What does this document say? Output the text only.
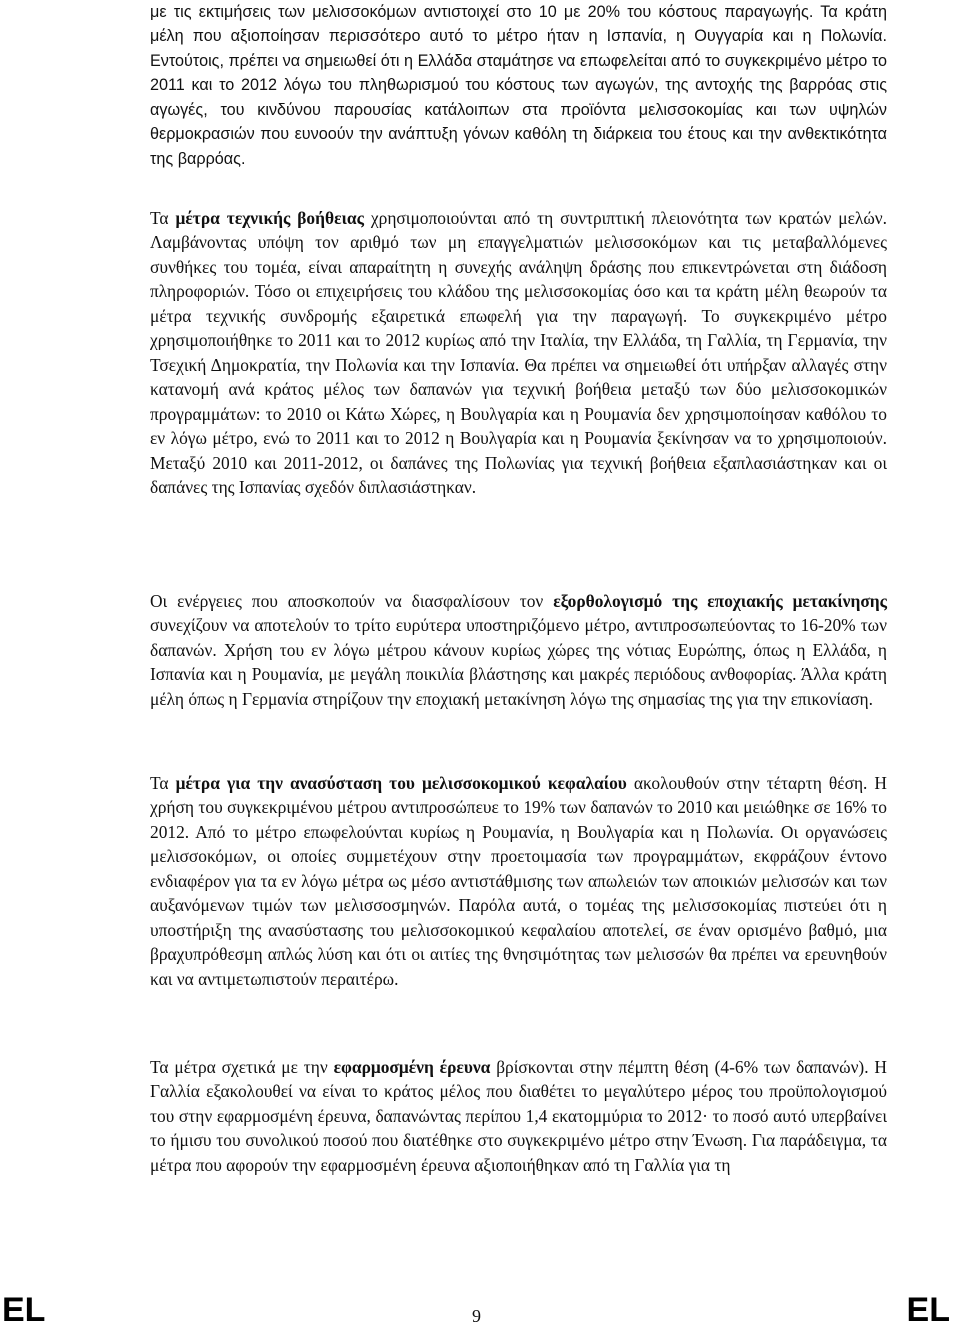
με τις εκτιμήσεις των μελισσοκόμων αντιστοιχεί στο 10 με 20% του κόστους παραγωγής. Τα κράτη μέλη που αξιοποίησαν περισσότερο αυτό το μέτρο ήταν η Ισπανία, η Ουγγαρία και η Πολωνία. Εντούτοις, πρέπει να σημειωθεί ότι η Ελλάδα σταμάτησε να επωφελείται από το συγκεκριμένο μέτρο το 2011 και το 2012 λόγω του πληθωρισμού του κόστους των αγωγών, της αντοχής της βαρρόας στις αγωγές, του κινδύνου παρουσίας κατάλοιπων στα προϊόντα μελισσοκομίας και των υψηλών θερμοκρασιών που ευνοούν την ανάπτυξη γόνων καθόλη τη διάρκεια του έτους και την ανθεκτικότητα της βαρρόας.

Τα μέτρα τεχνικής βοήθειας χρησιμοποιούνται από τη συντριπτική πλειονότητα των κρατών μελών. Λαμβάνοντας υπόψη τον αριθμό των μη επαγγελματιών μελισσοκόμων και τις μεταβαλλόμενες συνθήκες του τομέα, είναι απαραίτητη η συνεχής ανάληψη δράσης που επικεντρώνεται στη διάδοση πληροφοριών. Τόσο οι επιχειρήσεις του κλάδου της μελισσοκομίας όσο και τα κράτη μέλη θεωρούν τα μέτρα τεχνικής συνδρομής εξαιρετικά επωφελή για την παραγωγή. Το συγκεκριμένο μέτρο χρησιμοποιήθηκε το 2011 και το 2012 κυρίως από την Ιταλία, την Ελλάδα, τη Γαλλία, τη Γερμανία, την Τσεχική Δημοκρατία, την Πολωνία και την Ισπανία. Θα πρέπει να σημειωθεί ότι υπήρξαν αλλαγές στην κατανομή ανά κράτος μέλος των δαπανών για τεχνική βοήθεια μεταξύ των δύο μελισσοκομικών προγραμμάτων: το 2010 οι Κάτω Χώρες, η Βουλγαρία και η Ρουμανία δεν χρησιμοποίησαν καθόλου το εν λόγω μέτρο, ενώ το 2011 και το 2012 η Βουλγαρία και η Ρουμανία ξεκίνησαν να το χρησιμοποιούν. Μεταξύ 2010 και 2011-2012, οι δαπάνες της Πολωνίας για τεχνική βοήθεια εξαπλασιάστηκαν και οι δαπάνες της Ισπανίας σχεδόν διπλασιάστηκαν.

Οι ενέργειες που αποσκοπούν να διασφαλίσουν τον εξορθολογισμό της εποχιακής μετακίνησης συνεχίζουν να αποτελούν το τρίτο ευρύτερα υποστηριζόμενο μέτρο, αντιπροσωπεύοντας το 16-20% των δαπανών. Χρήση του εν λόγω μέτρου κάνουν κυρίως χώρες της νότιας Ευρώπης, όπως η Ελλάδα, η Ισπανία και η Ρουμανία, με μεγάλη ποικιλία βλάστησης και μακρές περιόδους ανθοφορίας. Άλλα κράτη μέλη όπως η Γερμανία στηρίζουν την εποχιακή μετακίνηση λόγω της σημασίας της για την επικονίαση.

Τα μέτρα για την ανασύσταση του μελισσοκομικού κεφαλαίου ακολουθούν στην τέταρτη θέση. Η χρήση του συγκεκριμένου μέτρου αντιπροσώπευε το 19% των δαπανών το 2010 και μειώθηκε σε 16% το 2012. Από το μέτρο επωφελούνται κυρίως η Ρουμανία, η Βουλγαρία και η Πολωνία. Οι οργανώσεις μελισσοκόμων, οι οποίες συμμετέχουν στην προετοιμασία των προγραμμάτων, εκφράζουν έντονο ενδιαφέρον για τα εν λόγω μέτρα ως μέσο αντιστάθμισης των απωλειών των αποικιών μελισσών και των αυξανόμενων τιμών των μελισσοσμηνών. Παρόλα αυτά, ο τομέας της μελισσοκομίας πιστεύει ότι η υποστήριξη της ανασύστασης του μελισσοκομικού κεφαλαίου αποτελεί, σε έναν ορισμένο βαθμό, μια βραχυπρόθεσμη απλώς λύση και ότι οι αιτίες της θνησιμότητας των μελισσών θα πρέπει να ερευνηθούν και να αντιμετωπιστούν περαιτέρω.

Τα μέτρα σχετικά με την εφαρμοσμένη έρευνα βρίσκονται στην πέμπτη θέση (4-6% των δαπανών). Η Γαλλία εξακολουθεί να είναι το κράτος μέλος που διαθέτει το μεγαλύτερο μέρος του προϋπολογισμού του στην εφαρμοσμένη έρευνα, δαπανώντας περίπου 1,4 εκατομμύρια το 2012· το ποσό αυτό υπερβαίνει το ήμισυ του συνολικού ποσού που διατέθηκε στο συγκεκριμένο μέτρο στην Ένωση. Για παράδειγμα, τα μέτρα που αφορούν την εφαρμοσμένη έρευνα αξιοποιήθηκαν από τη Γαλλία για τη

EL	9	EL
